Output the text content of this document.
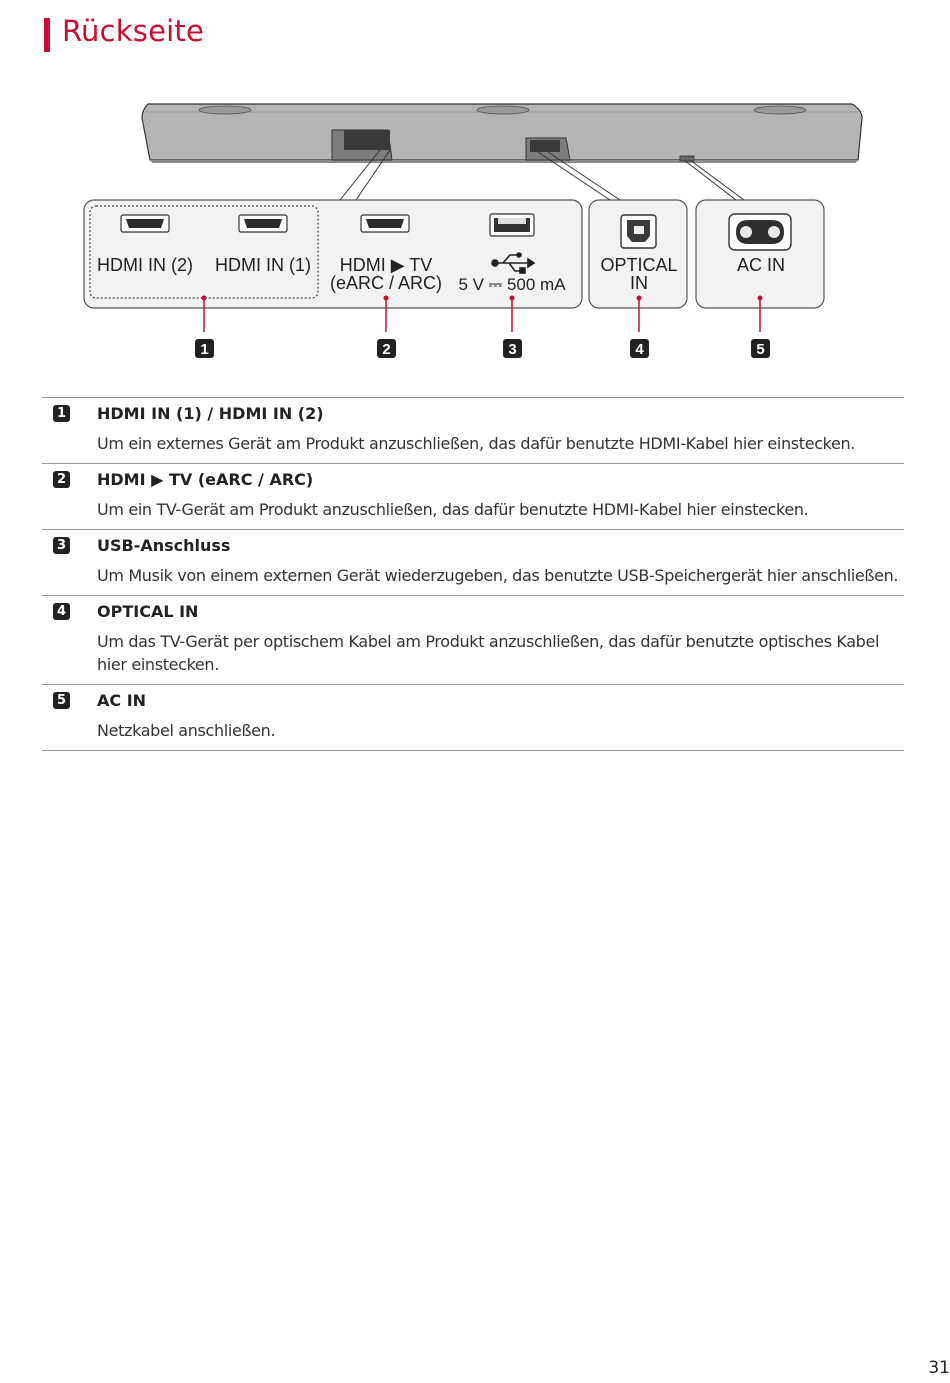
Rückseite
HDMI IN (2) HDMI IN (1) HDMI ▶ TV
(eARC / ARC) 5 V ⎓ 500 mA
OPTICAL
IN
AC IN
1	2	3	4	5
1 HDMI IN (1) / HDMI IN (2)
Um ein externes Gerät am Produkt anzuschließen, das dafür benutzte HDMI-Kabel hier einstecken.
2 HDMI ▶ TV (eARC / ARC)
Um ein TV-Gerät am Produkt anzuschließen, das dafür benutzte HDMI-Kabel hier einstecken.
3 USB-Anschluss
Um Musik von einem externen Gerät wiederzugeben, das benutzte USB-Speichergerät hier anschließen.
4 OPTICAL IN
Um das TV-Gerät per optischem Kabel am Produkt anzuschließen, das dafür benutzte optisches Kabel hier einstecken.
5 AC IN
Netzkabel anschließen.
31
